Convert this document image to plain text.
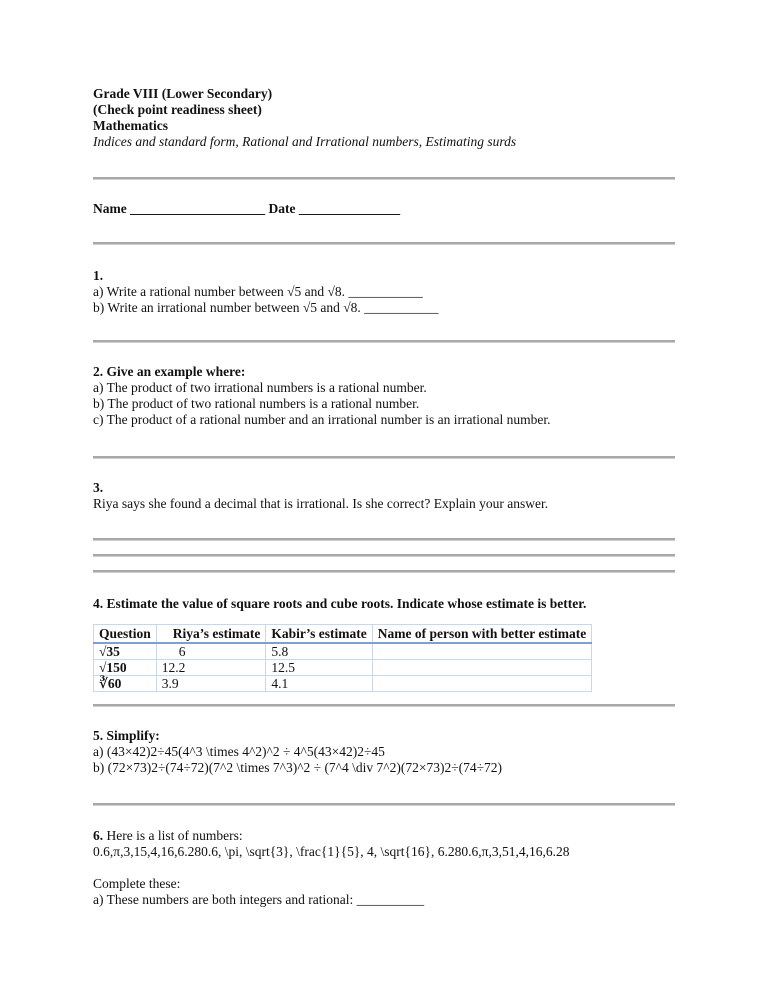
Grade VIII (Lower Secondary)
(Check point readiness sheet)
Mathematics
Indices and standard form, Rational and Irrational numbers, Estimating surds
Name ____________________ Date _______________
1.
a) Write a rational number between √5 and √8. ___________
b) Write an irrational number between √5 and √8. ___________
2. Give an example where:
a) The product of two irrational numbers is a rational number.
b) The product of two rational numbers is a rational number.
c) The product of a rational number and an irrational number is an irrational number.
3.
Riya says she found a decimal that is irrational. Is she correct? Explain your answer.
4. Estimate the value of square roots and cube roots. Indicate whose estimate is better.
Question	Riya’s estimate	Kabir’s estimate	Name of person with better estimate
√35	6	5.8	
√150	12.2	12.5	
∛60	3.9	4.1	
5. Simplify:
a) (43×42)2÷45(4^3 \times 4^2)^2 ÷ 4^5(43×42)2÷45
b) (72×73)2÷(74÷72)(7^2 \times 7^3)^2 ÷ (7^4 \div 7^2)(72×73)2÷(74÷72)
6. Here is a list of numbers:
0.6,π,3,15,4,16,6.280.6, \pi, \sqrt{3}, \frac{1}{5}, 4, \sqrt{16}, 6.280.6,π,3,51,4,16,6.28
Complete these:
a) These numbers are both integers and rational: __________
